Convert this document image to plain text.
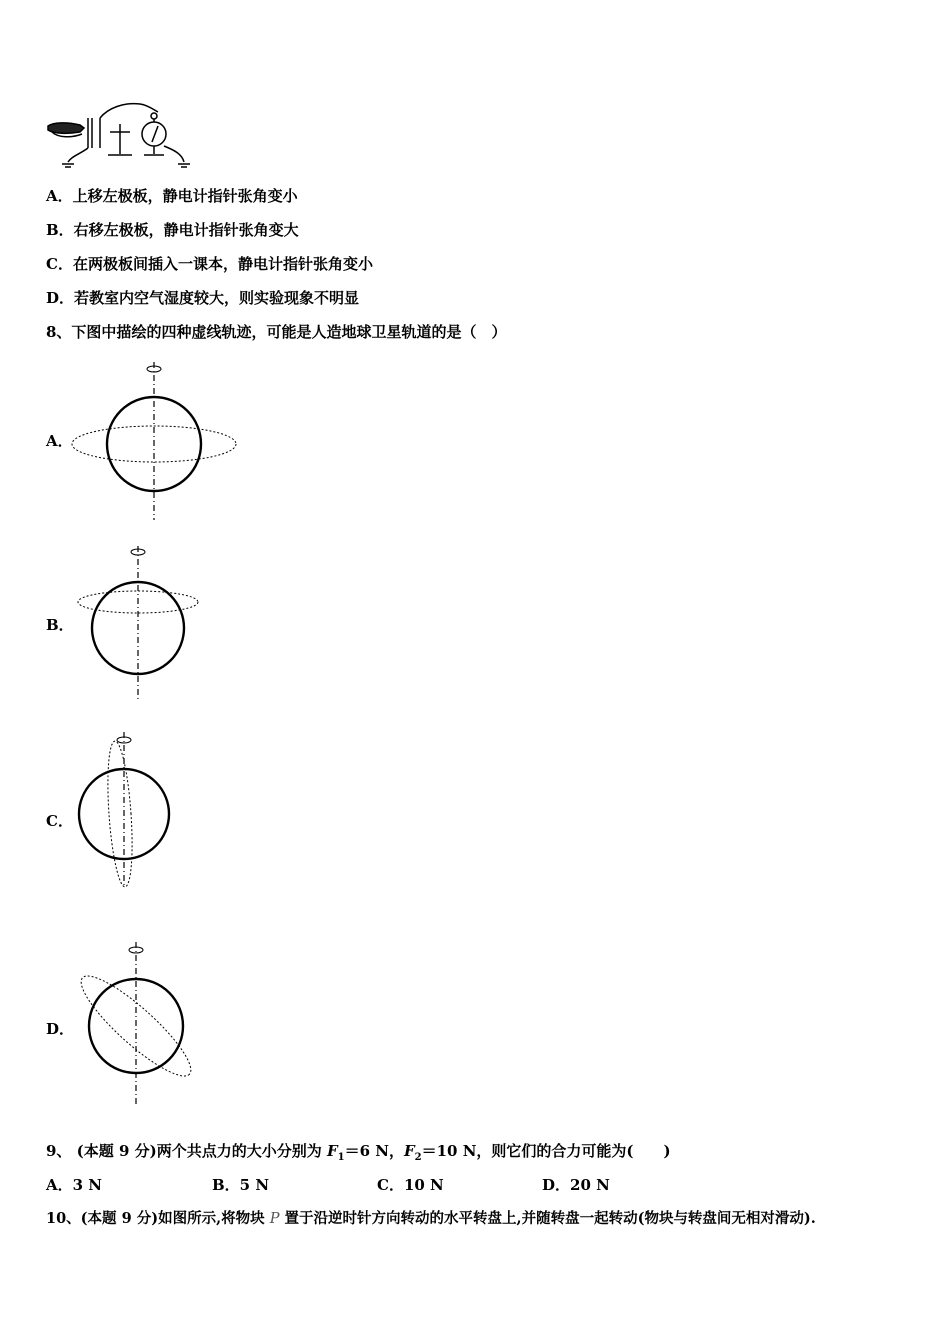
A．上移左极板，静电计指针张角变小
B．右移左极板，静电计指针张角变大
C．在两极板间插入一课本，静电计指针张角变小
D．若教室内空气湿度较大，则实验现象不明显
8、下图中描绘的四种虚线轨迹，可能是人造地球卫星轨道的是（　）
A．
B．
C．
D．
9、 (本题 9 分)两个共点力的大小分别为 $F_1=6$ N，$F_2=10$ N，则它们的合力可能为(　　)
A．3 N	B．5 N	C．10 N	D．20 N
10、(本题 9 分)如图所示,将物块 P 置于沿逆时针方向转动的水平转盘上,并随转盘一起转动(物块与转盘间无相对滑动).
